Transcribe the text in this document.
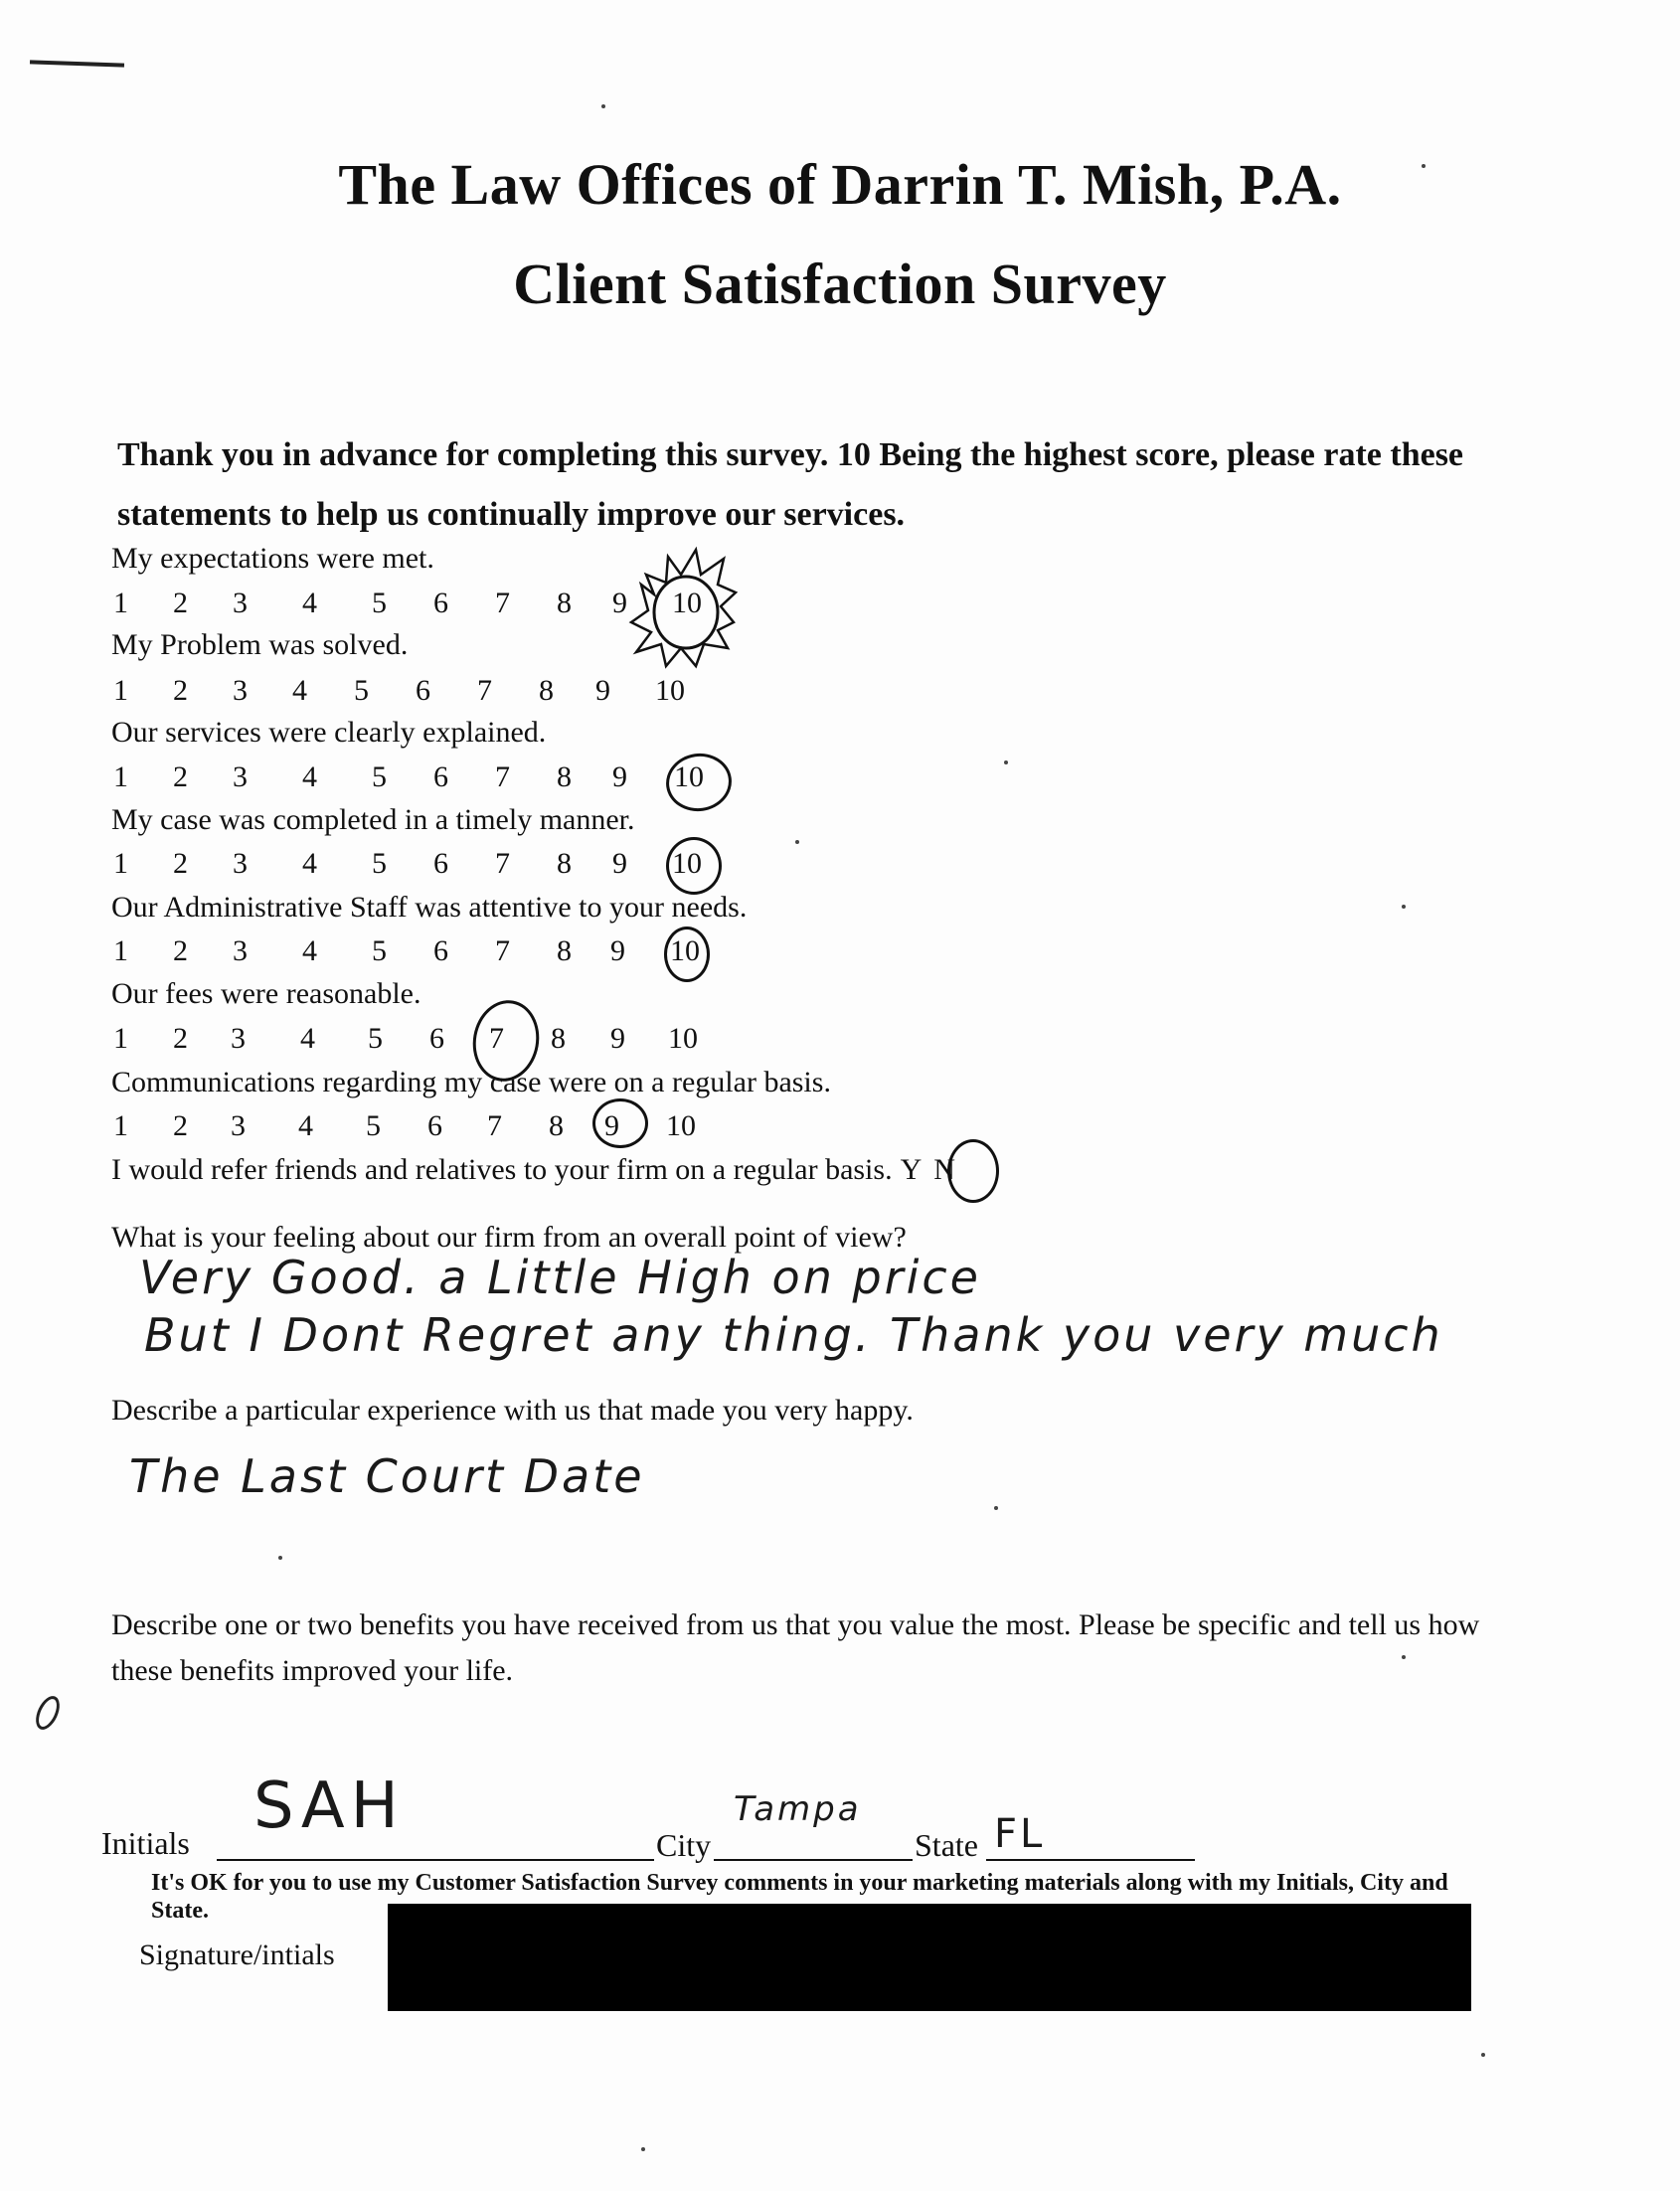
The Law Offices of Darrin T. Mish, P.A.
Client Satisfaction Survey
Thank you in advance for completing this survey. 10 Being the highest score, please rate these statements to help us continually improve our services.
My expectations were met.
1 2 3 4 5 6 7 8 9 10
My Problem was solved.
1 2 3 4 5 6 7 8 9 10
Our services were clearly explained.
1 2 3 4 5 6 7 8 9 10
My case was completed in a timely manner.
1 2 3 4 5 6 7 8 9 10
Our Administrative Staff was attentive to your needs.
1 2 3 4 5 6 7 8 9 10
Our fees were reasonable.
1 2 3 4 5 6 7 8 9 10
Communications regarding my case were on a regular basis.
1 2 3 4 5 6 7 8 9 10
I would refer friends and relatives to your firm on a regular basis. Y N
What is your feeling about our firm from an overall point of view?
Very Good. a Little High on price
But I Dont Regret any thing. Thank you very much
Describe a particular experience with us that made you very happy.
The Last Court Date
Describe one or two benefits you have received from us that you value the most. Please be specific and tell us how these benefits improved your life.
Initials SAH
City
Tampa
State FL
It's OK for you to use my Customer Satisfaction Survey comments in your marketing materials along with my Initials, City and State.
Signature/intials
